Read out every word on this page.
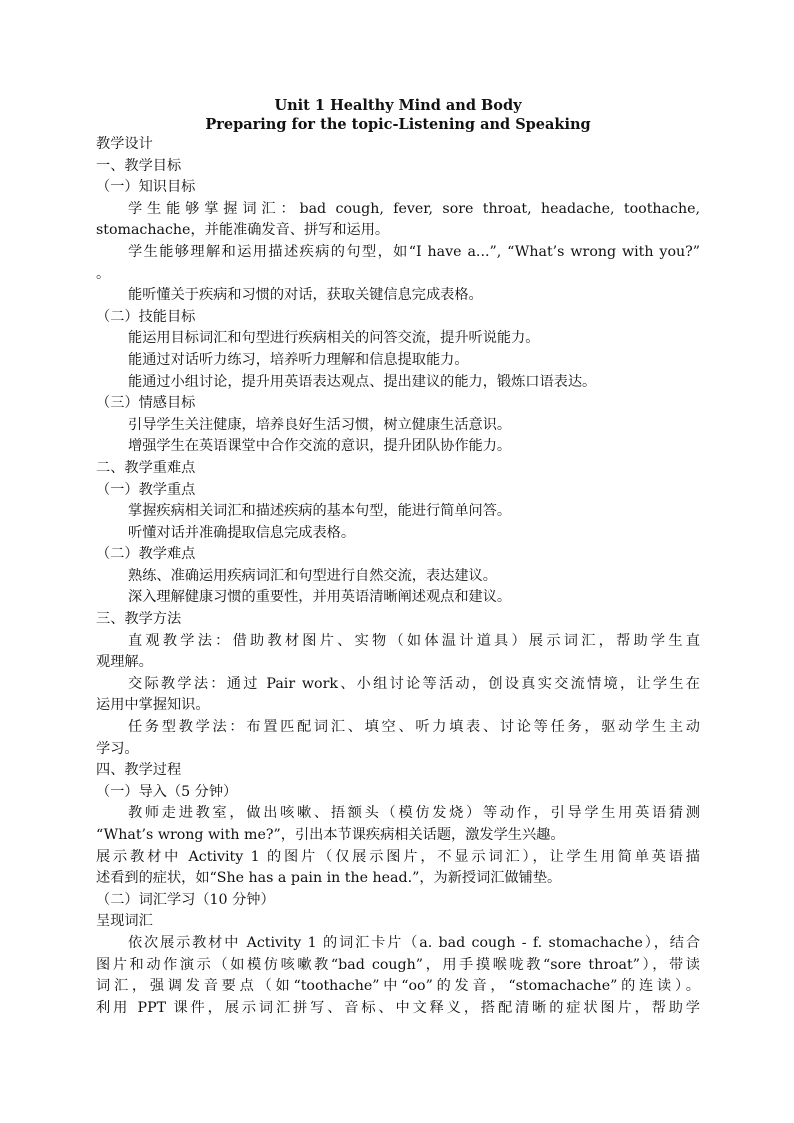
Unit 1 Healthy Mind and Body
Preparing for the topic-Listening and Speaking
教学设计
一、教学目标
（一）知识目标
学生能够掌握词汇：bad cough, fever, sore throat, headache, toothache,
stomachache，并能准确发音、拼写和运用。
学生能够理解和运用描述疾病的句型，如“I have a...”, “What’s wrong with you?”
。
能听懂关于疾病和习惯的对话，获取关键信息完成表格。
（二）技能目标
能运用目标词汇和句型进行疾病相关的问答交流，提升听说能力。
能通过对话听力练习，培养听力理解和信息提取能力。
能通过小组讨论，提升用英语表达观点、提出建议的能力，锻炼口语表达。
（三）情感目标
引导学生关注健康，培养良好生活习惯，树立健康生活意识。
增强学生在英语课堂中合作交流的意识，提升团队协作能力。
二、教学重难点
（一）教学重点
掌握疾病相关词汇和描述疾病的基本句型，能进行简单问答。
听懂对话并准确提取信息完成表格。
（二）教学难点
熟练、准确运用疾病词汇和句型进行自然交流，表达建议。
深入理解健康习惯的重要性，并用英语清晰阐述观点和建议。
三、教学方法
直观教学法：借助教材图片、实物（如体温计道具）展示词汇，帮助学生直
观理解。
交际教学法：通过 Pair work、小组讨论等活动，创设真实交流情境，让学生在
运用中掌握知识。
任务型教学法：布置匹配词汇、填空、听力填表、讨论等任务，驱动学生主动
学习。
四、教学过程
（一）导入（5 分钟）
教师走进教室，做出咳嗽、捂额头（模仿发烧）等动作，引导学生用英语猜测
“What’s wrong with me?”，引出本节课疾病相关话题，激发学生兴趣。
展示教材中 Activity 1 的图片（仅展示图片，不显示词汇），让学生用简单英语描
述看到的症状，如“She has a pain in the head.”，为新授词汇做铺垫。
（二）词汇学习（10 分钟）
呈现词汇
依次展示教材中 Activity 1 的词汇卡片（a. bad cough - f. stomachache），结合
图片和动作演示（如模仿咳嗽教“bad cough”，用手摸喉咙教“sore throat”），带读
词汇，强调发音要点（如“toothache”中“oo”的发音，“stomachache”的连读）。
利用 PPT 课件，展示词汇拼写、音标、中文释义，搭配清晰的症状图片，帮助学
